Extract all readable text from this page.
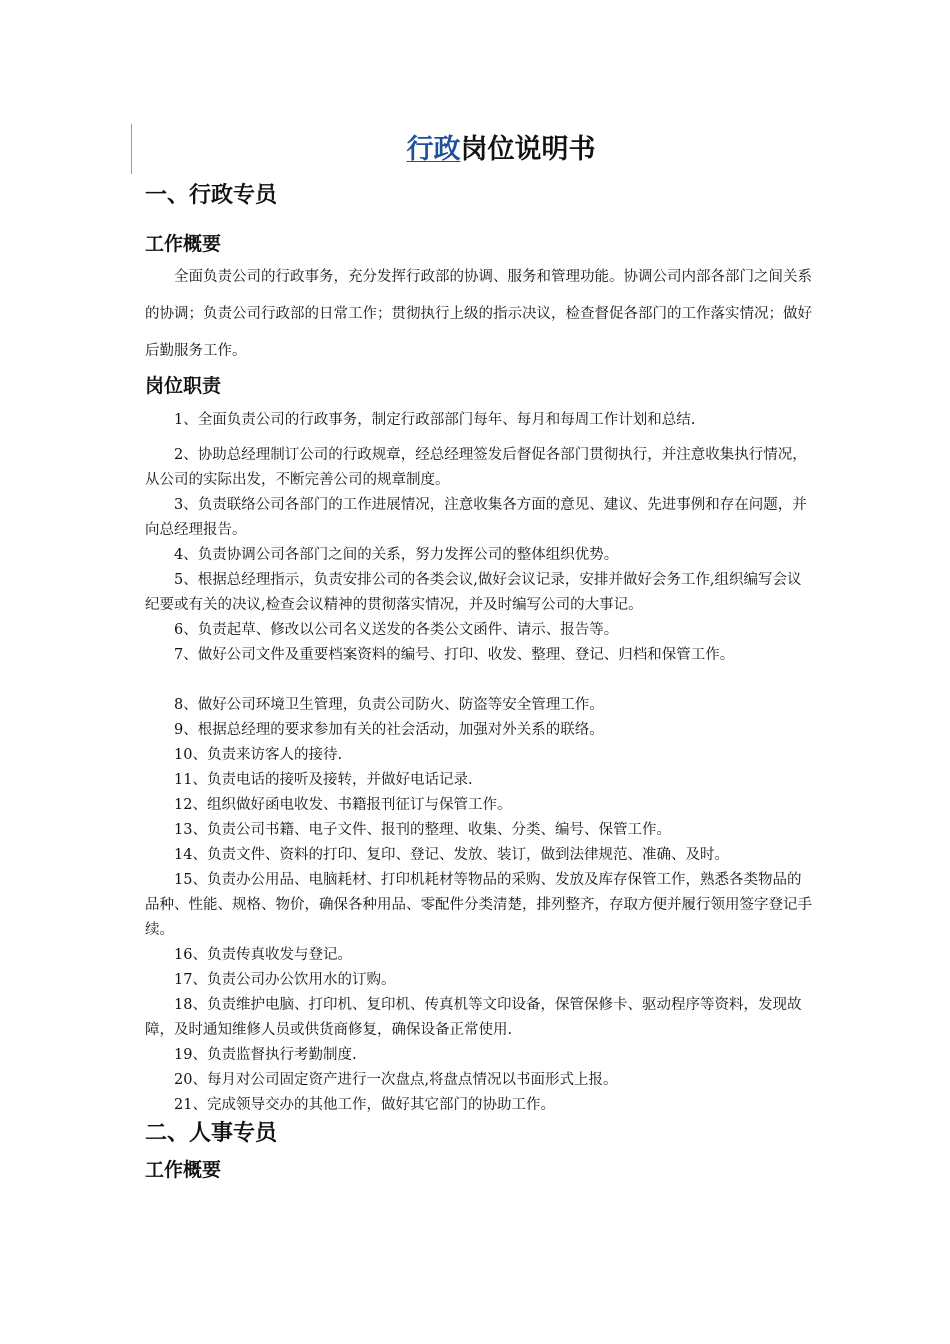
行政岗位说明书
一、行政专员
工作概要

全面负责公司的行政事务，充分发挥行政部的协调、服务和管理功能。协调公司内部各部门之间关系的协调；负责公司行政部的日常工作；贯彻执行上级的指示决议，检查督促各部门的工作落实情况；做好后勤服务工作。

岗位职责

1、全面负责公司的行政事务，制定行政部部门每年、每月和每周工作计划和总结.

2、协助总经理制订公司的行政规章，经总经理签发后督促各部门贯彻执行，并注意收集执行情况，从公司的实际出发，不断完善公司的规章制度。

3、负责联络公司各部门的工作进展情况，注意收集各方面的意见、建议、先进事例和存在问题，并向总经理报告。

4、负责协调公司各部门之间的关系，努力发挥公司的整体组织优势。

5、根据总经理指示，负责安排公司的各类会议,做好会议记录，安排并做好会务工作,组织编写会议纪要或有关的决议,检查会议精神的贯彻落实情况，并及时编写公司的大事记。

6、负责起草、修改以公司名义送发的各类公文函件、请示、报告等。

7、做好公司文件及重要档案资料的编号、打印、收发、整理、登记、归档和保管工作。

8、做好公司环境卫生管理，负责公司防火、防盗等安全管理工作。

9、根据总经理的要求参加有关的社会活动，加强对外关系的联络。

10、负责来访客人的接待.

11、负责电话的接听及接转，并做好电话记录.

12、组织做好函电收发、书籍报刊征订与保管工作。

13、负责公司书籍、电子文件、报刊的整理、收集、分类、编号、保管工作。

14、负责文件、资料的打印、复印、登记、发放、装订，做到法律规范、准确、及时。

15、负责办公用品、电脑耗材、打印机耗材等物品的采购、发放及库存保管工作，熟悉各类物品的品种、性能、规格、物价，确保各种用品、零配件分类清楚，排列整齐，存取方便并履行领用签字登记手续。

16、负责传真收发与登记。

17、负责公司办公饮用水的订购。

18、负责维护电脑、打印机、复印机、传真机等文印设备，保管保修卡、驱动程序等资料，发现故障，及时通知维修人员或供货商修复，确保设备正常使用.

19、负责监督执行考勤制度.

20、每月对公司固定资产进行一次盘点,将盘点情况以书面形式上报。

21、完成领导交办的其他工作，做好其它部门的协助工作。

二、人事专员
工作概要
